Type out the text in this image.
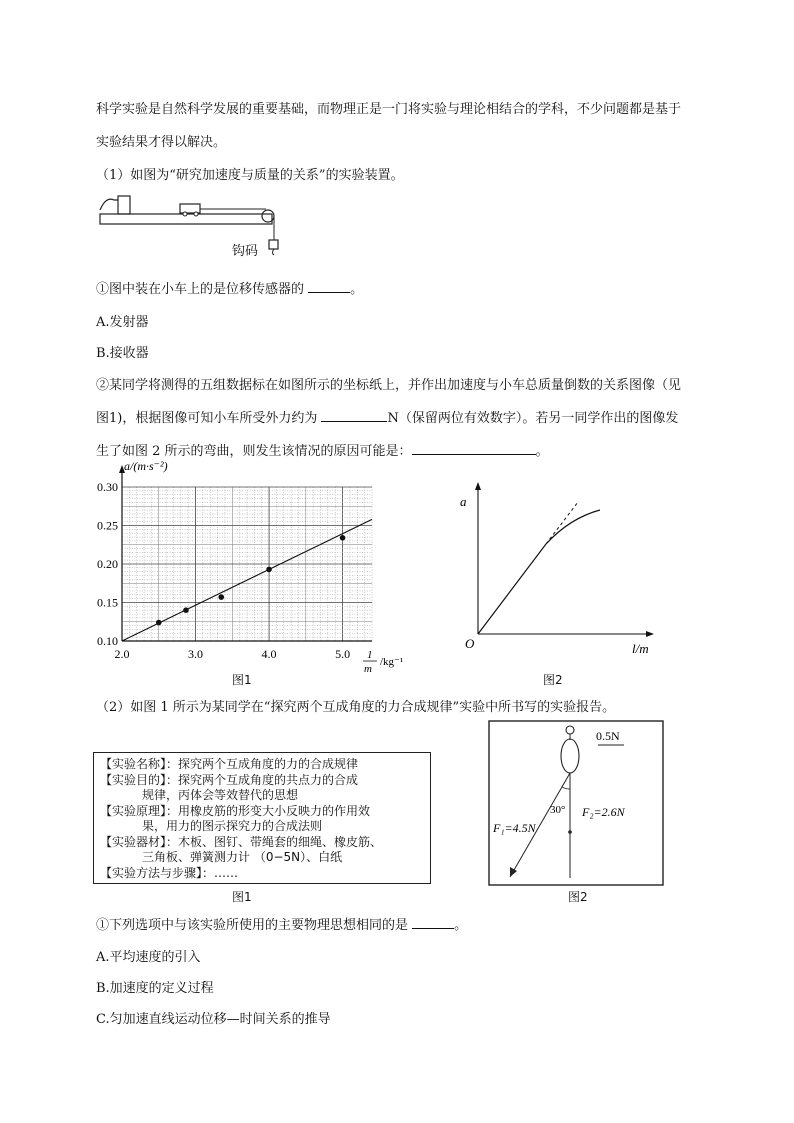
科学实验是自然科学发展的重要基础，而物理正是一门将实验与理论相结合的学科，不少问题都是基于
实验结果才得以解决。
（1）如图为“研究加速度与质量的关系”的实验装置。
钩码
①图中装在小车上的是位移传感器的	。
A.发射器
B.接收器
②某同学将测得的五组数据标在如图所示的坐标纸上，并作出加速度与小车总质量倒数的关系图像（见
图1)，根据图像可知小车所受外力约为	N（保留两位有效数字）。若另一同学作出的图像发
生了如图 2 所示的弯曲，则发生该情况的原因可能是：	。
0.30
0.25
0.20
0.15
0.10
2.0	3.0	4.0	5.0
a/(m·s⁻²)
1
m
/kg⁻¹
图1
a
O	l/m
图2
（2）如图 1 所示为某同学在“探究两个互成角度的力合成规律”实验中所书写的实验报告。
【实验名称】：探究两个互成角度的力的合成规律
【实验目的】：探究两个互成角度的共点力的合成
规律，丙体会等效替代的思想
【实验原理】：用橡皮筋的形变大小反映力的作用效
果，用力的图示探究力的合成法则
【实验器材】：木板、图钉、带绳套的细绳、橡皮筋、
三角板、弹簧测力计 （0−5N）、白纸
【实验方法与步骤】：……
图1
0.5N
30°
F₁=4.5N
F₂=2.6N
图2
①下列选项中与该实验所使用的主要物理思想相同的是	。
A.平均速度的引入
B.加速度的定义过程
C.匀加速直线运动位移—时间关系的推导
